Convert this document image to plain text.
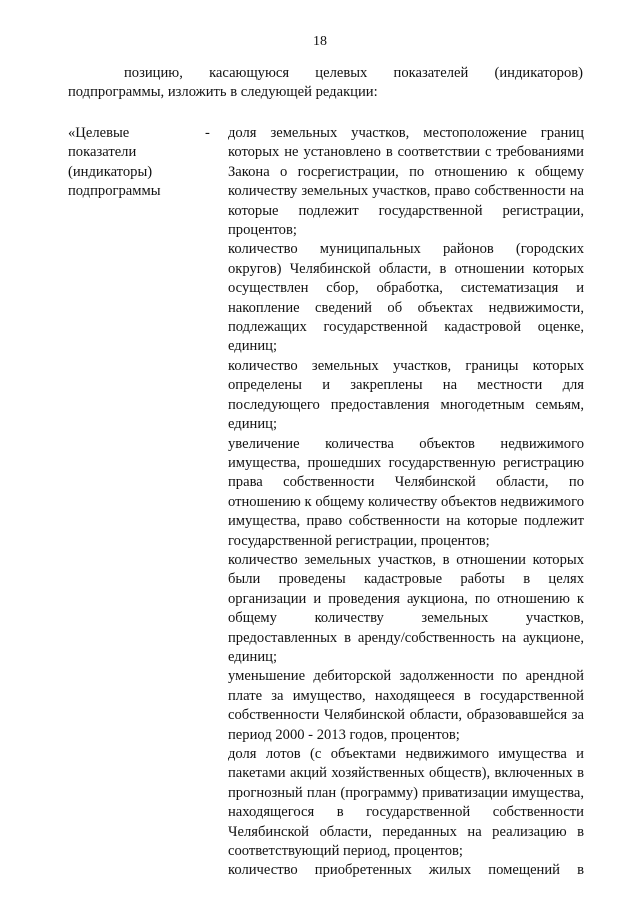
18
позицию, касающуюся целевых показателей (индикаторов)
подпрограммы, изложить в следующей редакции:
«Целевые показатели (индикаторы) подпрограммы
- доля земельных участков, местоположение границ которых не установлено в соответствии с требованиями Закона о госрегистрации, по отношению к общему количеству земельных участков, право собственности на которые подлежит государственной регистрации, процентов;

количество муниципальных районов (городских округов) Челябинской области, в отношении которых осуществлен сбор, обработка, систематизация и накопление сведений об объектах недвижимости, подлежащих государственной кадастровой оценке, единиц;

количество земельных участков, границы которых определены и закреплены на местности для последующего предоставления многодетным семьям, единиц;

увеличение количества объектов недвижимого имущества, прошедших государственную регистрацию права собственности Челябинской области, по отношению к общему количеству объектов недвижимого имущества, право собственности на которые подлежит государственной регистрации, процентов;

количество земельных участков, в отношении которых были проведены кадастровые работы в целях организации и проведения аукциона, по отношению к общему количеству земельных участков, предоставленных в аренду/собственность на аукционе, единиц;

уменьшение дебиторской задолженности по арендной плате за имущество, находящееся в государственной собственности Челябинской области, образовавшейся за период 2000 - 2013 годов, процентов;

доля лотов (с объектами недвижимого имущества и пакетами акций хозяйственных обществ), включенных в прогнозный план (программу) приватизации имущества, находящегося в государственной собственности Челябинской области, переданных на реализацию в соответствующий период, процентов;

количество приобретенных жилых помещений в
